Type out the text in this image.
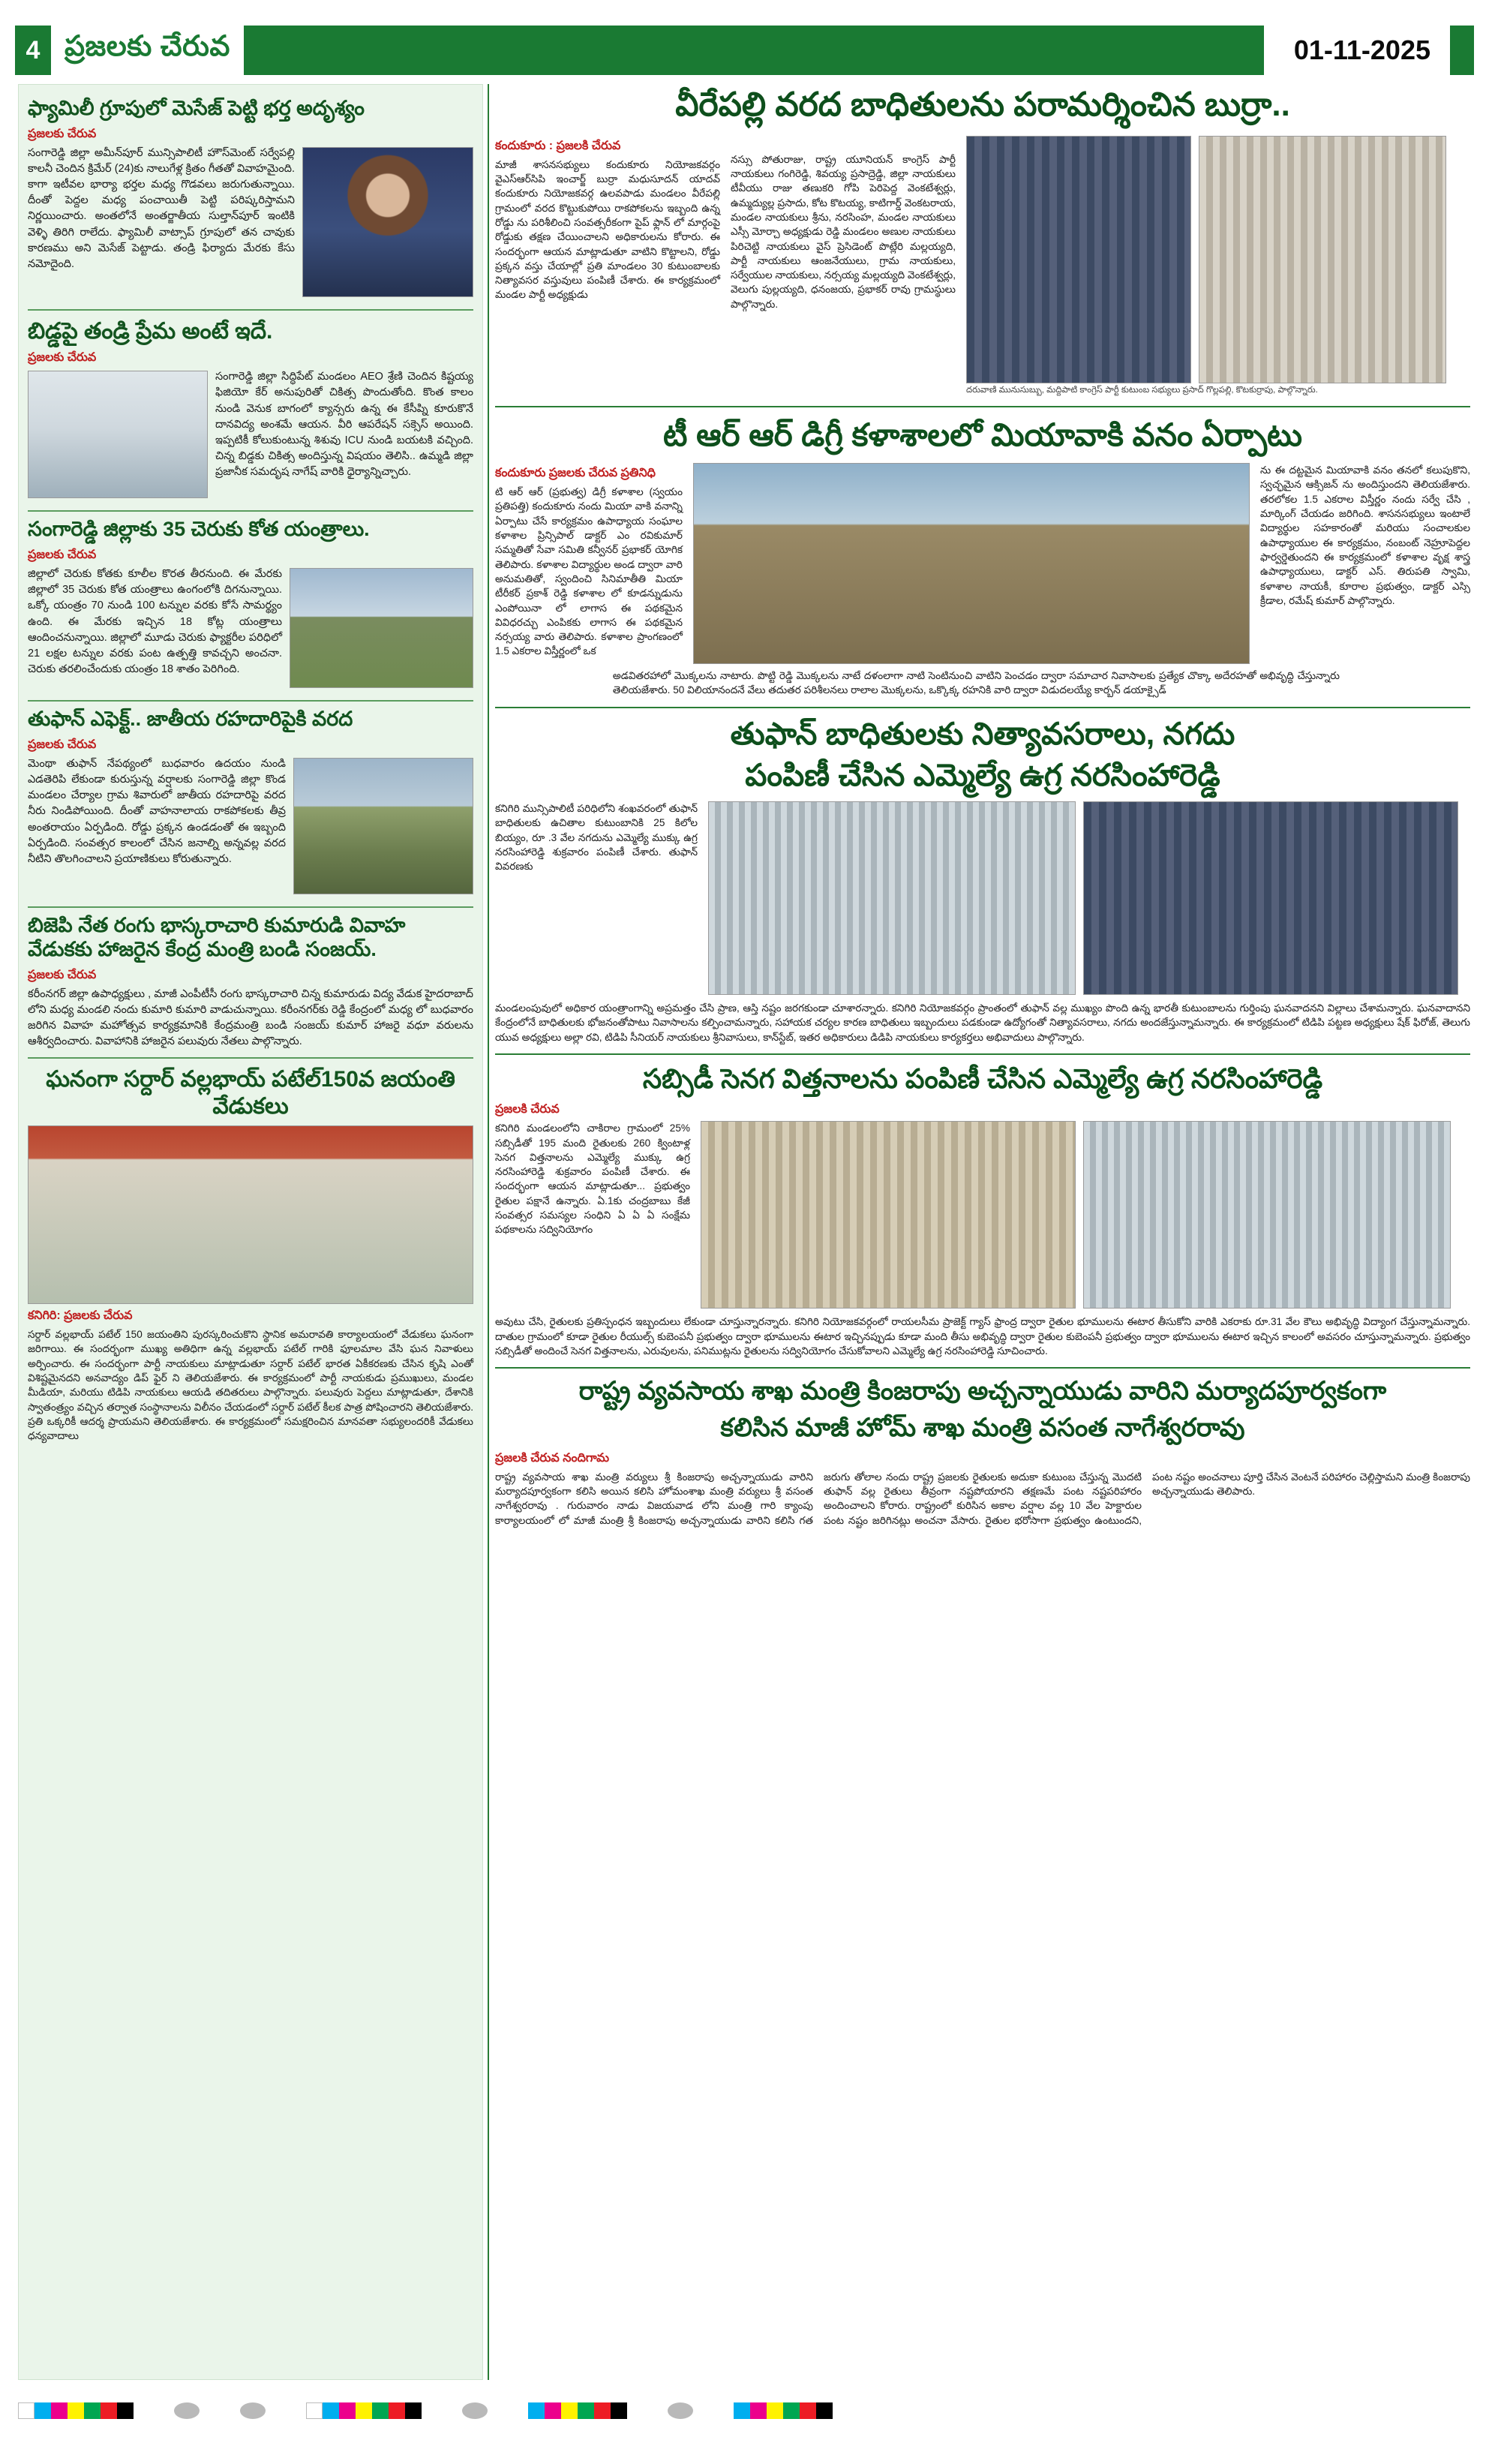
4 ప్రజలకు చేరువ	01-11-2025
ఫ్యామిలీ గ్రూపులో మెసేజ్ పెట్టి భర్త అదృశ్యం
ప్రజలకు చేరువ
సంగారెడ్డి జిల్లా అమీన్‌పూర్ మున్సిపాలిటీ హౌస్‌మెంట్ సర్వేపల్లి కాలనీ చెందిన క్రిమేర్ (24)కు నాలుగేళ్ల క్రితం గీతతో వివాహమైంది. కాగా ఇటీవల భార్యా భర్తల మధ్య గొడవలు జరుగుతున్నాయి. దీంతో పెద్దల మధ్య పంచాయితీ పెట్టి పరిష్కరిస్తామని నిర్ణయించారు. అంతలోనే అంతర్జాతీయ సుల్తాన్‌పూర్ ఇంటికి వెళ్ళి తిరిగి రాలేదు. ఫ్యామిలీ వాట్సాప్ గ్రూపులో తన చావుకు కారణము అని మెసేజ్ పెట్టాడు. తండ్రి ఫిర్యాదు మేరకు కేసు నమోదైంది.
బిడ్డపై తండ్రి ప్రేమ అంటే ఇదే.
ప్రజలకు చేరువ
సంగారెడ్డి జిల్లా సిద్ధిపేట్ మండలం AEO శ్రేణి చెందిన కిష్టయ్య ఫిజియో కేర్ అనుపురితో చికిత్స పొందుతోంది. కొంత కాలం నుండి వెనుక బాగంలో క్యాన్సరు ఉన్న ఈ కేసీప్ని కూరుకొనే దానవిద్య అంశమే ఆయన. వీరి ఆపరేషన్ సక్సెస్ అయింది. ఇప్పటికీ కోలుకుంటున్న శిశువు ICU నుండి బయటకి వచ్చింది. చిన్న బిడ్డకు చికిత్స అందిస్తున్న విషయం తెలిసి.. ఉమ్మడి జిల్లా ప్రజానీక సమదృష నాగేష్ వారికి ధైర్యాన్నిచ్చారు.
సంగారెడ్డి జిల్లాకు 35 చెరుకు కోత యంత్రాలు.
ప్రజలకు చేరువ
జిల్లాలో చెరుకు కోతకు కూలీల కొరత తీరనుంది. ఈ మేరకు జిల్లాలో 35 చెరుకు కోత యంత్రాలు ఉంగంలోకి దిగనున్నాయి. ఒక్కో యంత్రం 70 నుండి 100 టన్నుల వరకు కోసే సామర్థ్యం ఉంది. ఈ మేరకు ఇచ్చిన 18 కోట్ల యంత్రాలు ఆందించనున్నాయి. జిల్లాలో మూడు చెరుకు ఫ్యాక్టరీల పరిధిలో 21 లక్షల టన్నుల వరకు పంట ఉత్పత్తి కావచ్చని అంచనా. చెరుకు తరలించేందుకు యంత్రం 18 శాతం పెరిగింది.
తుఫాన్ ఎఫెక్ట్.. జాతీయ రహదారిపైకి వరద
ప్రజలకు చేరువ
మెంథా తుఫాన్ నేపథ్యంలో బుధవారం ఉదయం నుండి ఎడతెరిపి లేకుండా కురుస్తున్న వర్షాలకు సంగారెడ్డి జిల్లా కొండ మండలం చేర్యాల గ్రామ శివారులో జాతీయ రహదారిపై వరద నీరు నిండిపోయింది. దీంతో వాహనాలాయ రాకపోకలకు తీవ్ర అంతరాయం ఏర్పడింది. రోడ్డు ప్రక్కన ఉండడంతో ఈ ఇబ్బంది ఏర్పడింది. సంవత్సర కాలంలో చేసిన జనాల్ని అన్నవల్ల వరద నీటిని తొలగించాలని ప్రయాణికులు కోరుతున్నారు.
బిజెపి నేత రంగు భాస్కరాచారి కుమారుడి వివాహ వేడుకకు హాజరైన కేంద్ర మంత్రి బండి సంజయ్.
ప్రజలకు చేరువ
కరీంనగర్ జిల్లా ఉపాధ్యక్షులు , మాజీ ఎంపీటీసీ రంగు భాస్కరాచారి చిన్న కుమారుడు విద్య వేడుక హైదరాబాద్ లోని మధ్య మండలి నందు కుమారి కుమారి వాడుచున్నాయి. కరీంనగర్‌కు రెడ్డి కేంద్రంలో మధ్య లో బుధవారం జరిగిన వివాహ మహోత్సవ కార్యక్రమానికి కేంద్రమంత్రి బండి సంజయ్ కుమార్ హాజరై వధూ వరులను ఆశీర్వదించారు. వివాహానికి హాజరైన పలువురు నేతలు పాల్గొన్నారు.
ఘనంగా సర్దార్ వల్లభాయ్ పటేల్150వ జయంతి వేడుకలు
కనిగిరి: ప్రజలకు చేరువ
సర్దార్ వల్లభాయ్ పటేల్ 150 జయంతిని పురస్కరించుకొని స్థానిక అమరావతి కార్యాలయంలో వేడుకలు ఘనంగా జరిగాయి. ఈ సందర్భంగా ముఖ్య అతిధిగా ఉన్న వల్లభాయ్ పటేల్ గారికి ఫూలమాల వేసి ఘన నివాళులు అర్పించారు. ఈ సందర్భంగా పార్టీ నాయకులు మాట్లాడుతూ సర్దార్ పటేల్ భారత ఏకీకరణకు చేసిన కృషి ఎంతో విశిష్టమైనదని అనవాద్యం డిప్ ఫైర్ ని తెలియజేశారు. ఈ కార్యక్రమంలో పార్టీ నాయకుడు ప్రముఖులు, మండల మీడియా, మరియు టిడిపి నాయకులు ఆయడి తదితరులు పాల్గొన్నారు. పలువురు పెద్దలు మాట్లాడుతూ, దేశానికి స్వాతంత్ర్యం వచ్చిన తర్వాత సంస్థానాలను విలీనం చేయడంలో సర్దార్ పటేల్ కీలక పాత్ర పోషించారని తెలియజేశారు. ప్రతి ఒక్కరికీ ఆదర్శ ప్రాయమని తెలియజేశారు. ఈ కార్యక్రమంలో సమక్షరించిన మానవతా సభ్యులందరికీ వేడుకలు ధన్యవాదాలు
వీరేపల్లి వరద బాధితులను పరామర్శించిన బుర్రా..
కందుకూరు : ప్రజలకి చేరువ
మాజీ శాసనసభ్యులు కందుకూరు నియోజకవర్గం వైఎస్ఆర్‌సిపి ఇంచార్జ్ బుర్రా మధుసూదన్ యాదవ్ కందుకూరు నియోజకవర్గ ఉలవపాడు మండలం వీరేపల్లి గ్రామంలో వరద కొట్టుకుపోయి రాకపోకలను ఇబ్బంది ఉన్న రోడ్డు ను పరిశీలించి సంవత్సరీకంగా పైప్ ఫ్లాన్ లో మార్గంపై రోడ్డుకు తక్షణ చేయించాలని అధికారులను కోరారు. ఈ సందర్భంగా ఆయన మాట్లాడుతూ వాటిని కొట్టాలని, రోడ్డు ప్రక్కన వస్తు చేయాల్లో ప్రతి మాండలం 30 కుటుంబాలకు నిత్యావసర వస్తువులు పంపిణీ చేశారు. ఈ కార్యక్రమంలో మండల పార్టీ అధ్యక్షుడు
నస్సు పోతురాజు, రాష్ట్ర యూనియన్ కాంగ్రెస్ పార్టీ నాయకులు గంగిరెడ్డి, శివయ్య ప్రసాద్రెడ్డి, జిల్లా నాయకులు టీవీయు రాజు తణుకరి గోపి పెరిపెద్ద వెంకటేశ్వర్లు, ఉమ్మద్యుల్ల ప్రసాదు, కోట కొటయ్య, కాటిగార్డ్ వెంకటరాయ, మండల నాయకులు శ్రీను, నరసింహ, మండల నాయకులు ఎస్సీ మోర్చా అధ్యక్షుడు రెడ్డి మండలం అణుల నాయకులు పిరిచెట్టి నాయకులు వైస్ ప్రెసిడెంట్ పొట్లేరి మల్లయ్యది, పార్టీ నాయకులు ఆంజనేయులు, గ్రామ నాయకులు, సర్వేయుల నాయకులు, నర్సయ్య మల్లయ్యది వెంకటేశ్వర్లు, వెలుగు పుల్లయ్యది, ధనంజయ, ప్రభాకర్ రావు గ్రామస్థులు పాల్గొన్నారు.
దరువాణి మునుసుబ్బు, మద్దిపాటి కాంగ్రెస్ పార్టీ కుటుంబ సభ్యులు ప్రసాద్ గొల్లపల్లి, కొటకుర్రాపు, పాల్గొన్నారు.
టీ ఆర్ ఆర్ డిగ్రీ కళాశాలలో మియావాకి వనం ఏర్పాటు
కందుకూరు ప్రజలకు చేరువ ప్రతినిధి
టి ఆర్ ఆర్ (ప్రభుత్వ) డిగ్రీ కళాశాల (స్వయం ప్రతిపత్తి) కందుకూరు నందు మియా వాకి వనాన్ని ఏర్పాటు చేసే కార్యక్రమం ఉపాధ్యాయ సంఘాల కళాశాల ప్రిన్సిపాల్ డాక్టర్ ఎం రవికుమార్ సమ్మతితో సేవా సమితి కన్వీనర్ ప్రభాకర్ యోగిక తెలిపారు. కళాశాల విద్యార్థుల అండ ద్వారా వారి అనుమతితో, స్వందించి సినిమాతీతి మియా టీరీకర్ ప్రకాశ్ రెడ్డి కళాశాల లో కూడన్నుడును ఎంపోయినా లో లాగాస ఈ పథకమైన వివిధరచ్చు ఎంపికకు లాగాస ఈ పథకమైన నర్సయ్య వారు తెలిపారు. కళాశాల ప్రాంగణంలో 1.5 ఎకరాల విస్తీర్ణంలో ఒక
ను ఈ దట్టమైన మియావాకి వనం తనలో కలుపుకొని, స్వచ్ఛమైన ఆక్సిజన్ ను అందిస్తుందని తెలియజేశారు. తరలోకల 1.5 ఎకరాల విస్తీర్ణం నందు సర్వే చేసి , మార్కింగ్ చేయడం జరిగింది. శాసనసభ్యులు ఇంటాలే విద్యార్థుల సహకారంతో మరియు సంచాలకుల ఉపాధ్యాయుల ఈ కార్యక్రమం, నంబంట్ నెహ్రూపెద్దల ఫార్వర్డెతుందని ఈ కార్యక్రమంలో కళాశాల వృక్ష శాస్త్ర ఉపాధ్యాయులు, డాక్టర్ ఎస్. తిరుపతి స్వామి, కళాశాల నాయకీ, కూరాల ప్రభుత్వం, డాక్టర్ ఎస్సి క్రీడాల, రమేష్ కుమార్ పాల్గొన్నారు.
అడవితరహాలో మొక్కలను నాటారు. పొట్టి రెడ్డి మొక్కలను నాటే దళంలాగా నాటి సెంటినుంచి వాటిని పెంచడం ద్వారా సమాచార నివాసాలకు ప్రత్యేక చొక్కా అదేరహతో అభివృద్ధి చేస్తున్నారు తెలియజేశారు. 50 విలియానందనే వేలు తదుతర పరిశీలనలు రాలాల మొక్కలను, ఒక్కొక్క రహనికి వారి ద్వారా విడుదలయ్యే కార్బన్ డయాక్సైడ్
తుఫాన్ బాధితులకు నిత్యావసరాలు, నగదు
పంపిణీ చేసిన ఎమ్మెల్యే ఉగ్ర నరసింహారెడ్డి
కనిగిరి మున్సిపాలిటీ పరిధిలోని శంఖవరంలో తుఫాన్ బాధితులకు ఉచితాల కుటుంబానికి 25 కిలోల బియ్యం, రూ .3 వేల నగదును ఎమ్మెల్యే ముక్కు ఉగ్ర నరసింహారెడ్డి శుక్రవారం పంపిణీ చేశారు. తుఫాన్ వివరణకు
మండలంపువులో అధికార యంత్రాంగాన్ని అప్రమత్తం చేసి ప్రాణ, ఆస్తి నష్టం జరగకుండా చూశారన్నారు. కనిగిరి నియోజకవర్గం ప్రాంతంలో తుఫాన్ వల్ల ముఖ్యం పొంది ఉన్న భారతీ కుటుంబాలను గుర్తింపు ఘనవాదనని విల్లాలు చేశామన్నారు. ఘనవాదానని కేంద్రంలోనే బాధితులకు భోజనంతోపాటు నివాసాలను కల్పించామన్నారు, సహాయక చర్యల కారణ బాధితులు ఇబ్బందులు పడకుండా ఉద్యోగంతో నిత్యావసరాలు, నగదు అందజేస్తున్నామన్నారు. ఈ కార్యక్రమంలో టిడిపి పట్టణ అధ్యక్షులు షేక్ ఫిరోజ్, తెలుగు యువ అధ్యక్షులు అల్లా రవి, టిడిపి సీనియర్ నాయకులు శ్రీనివాసులు, కాన్‌స్టేబ్, ఇతర అధికారులు డిడిపి నాయకులు కార్యకర్తలు అభివాదులు పాల్గొన్నారు.
సబ్సిడీ సెనగ విత్తనాలను పంపిణీ చేసిన ఎమ్మెల్యే ఉగ్ర నరసింహారెడ్డి
ప్రజలకి చేరువ
కనిగిరి మండలంలోని చాకిరాల గ్రామంలో 25% సబ్సిడీతో 195 మంది రైతులకు 260 క్వింటాళ్ల సెనగ విత్తనాలను ఎమ్మెల్యే ముక్కు ఉగ్ర నరసింహారెడ్డి శుక్రవారం పంపిణీ చేశారు. ఈ సందర్భంగా ఆయన మాట్లాడుతూ... ప్రభుత్వం రైతుల పక్షానే ఉన్నారు. ఏ.1కు చంద్రబాబు కేజీ సంవత్సర సమస్యల సంధిని ఏ ఏ ఏ సంక్షేమ పథకాలను సద్వినియోగం
అవుటు చేసి, రైతులకు ప్రతిస్పంధన ఇబ్బందులు లేకుండా చూస్తున్నారన్నారు. కనిగిరి నియోజకవర్గంలో రాయలసీమ ప్రాజెక్ట్ గ్యాస్ ఫ్రాంద్ర ద్వారా రైతుల భూములను ఈటార తీసుకోని వారికి ఎకరాకు రూ.31 వేల కౌలు అభివృద్ధి విద్యాంగ చేస్తున్నామన్నారు. దాతుల గ్రామంలో కూడా రైతుల రీయుల్స్ కుబెంపనీ ప్రభుత్వం ద్వారా భూములను ఈటార ఇచ్చినప్పుడు కూడా మంది తీసు అభివృద్ధి ద్వారా రైతుల కుబెంపనీ ప్రభుత్వం ద్వారా భూములను ఈటార ఇచ్చిన కాలంలో అవసరం చూస్తున్నామన్నారు. ప్రభుత్వం సబ్సిడీతో అందించే సెనగ విత్తనాలను, ఎరువులను, పనిముట్లను రైతులను సద్వినియోగం చేసుకోవాలని ఎమ్మెల్యే ఉగ్ర నరసింహారెడ్డి సూచించారు.
రాష్ట్ర వ్యవసాయ శాఖ మంత్రి కింజరాపు అచ్చన్నాయుడు వారిని మర్యాదపూర్వకంగా
కలిసిన మాజీ హోమ్ శాఖ మంత్రి వసంత నాగేశ్వరరావు
ప్రజలకి చేరువ నందిగామ
రాష్ట్ర వ్యవసాయ శాఖ మంత్రి వర్యులు శ్రీ కింజరాపు అచ్చన్నాయుడు వారిని మర్యాదపూర్వకంగా కలిసి అయిన కలిసి హోమంశాఖ మంత్రి వర్యులు శ్రీ వసంత నాగేశ్వరరావు . గురువారం నాడు విజయవాడ లోని మంత్రి గారి క్యాంపు కార్యాలయంలో లో మాజీ మంత్రి శ్రీ కింజరాపు అచ్చన్నాయుడు వారిని కలిసి గత జరుగు తోలాల నందు రాష్ట్ర ప్రజలకు రైతులకు అదుకా కుటుంబ చేస్తున్న మొదటి తుఫాన్ వల్ల రైతులు తీవ్రంగా నష్టపోయారని తక్షణమే పంట నష్టపరిహారం అందించాలని కోరారు. రాష్ట్రంలో కురిసిన అకాల వర్షాల వల్ల 10 వేల హెక్టారుల పంట నష్టం జరిగినట్లు అంచనా వేసారు. రైతుల భరోసాగా ప్రభుత్వం ఉంటుందని, పంట నష్టం అంచనాలు పూర్తి చేసిన వెంటనే పరిహారం చెల్లిస్తామని మంత్రి కింజరాపు అచ్చన్నాయుడు తెలిపారు.
